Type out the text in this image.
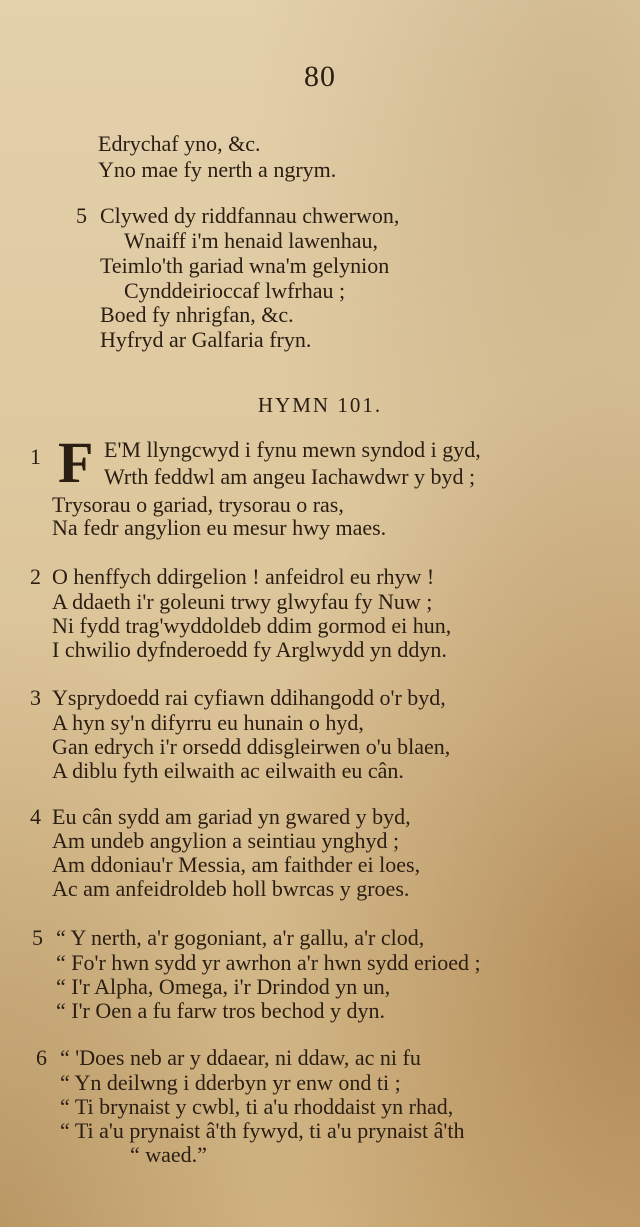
80
Edrychaf yno, &c.
Yno mae fy nerth a ngrym.
5 Clywed dy riddfannau chwerwon,
Wnaiff i'm henaid lawenhau,
Teimlo'th gariad wna'm gelynion
Cynddeirioccaf lwfrhau ;
Boed fy nhrigfan, &c.
Hyfryd ar Galfaria fryn.
HYMN 101.
1 F E'M llyngcwyd i fynu mewn syndod i gyd,
Wrth feddwl am angeu Iachawdwr y byd ;
Trysorau o gariad, trysorau o ras,
Na fedr angylion eu mesur hwy maes.
2 O henffych ddirgelion ! anfeidrol eu rhyw !
A ddaeth i'r goleuni trwy glwyfau fy Nuw ;
Ni fydd trag'wyddoldeb ddim gormod ei hun,
I chwilio dyfnderoedd fy Arglwydd yn ddyn.
3 Ysprydoedd rai cyfiawn ddihangodd o'r byd,
A hyn sy'n difyrru eu hunain o hyd,
Gan edrych i'r orsedd ddisgleirwen o'u blaen,
A diblu fyth eilwaith ac eilwaith eu cân.
4 Eu cân sydd am gariad yn gwared y byd,
Am undeb angylion a seintiau ynghyd ;
Am ddoniau'r Messia, am faithder ei loes,
Ac am anfeidroldeb holl bwrcas y groes.
5 “ Y nerth, a'r gogoniant, a'r gallu, a'r clod,
“ Fo'r hwn sydd yr awrhon a'r hwn sydd erioed ;
“ I'r Alpha, Omega, i'r Drindod yn un,
“ I'r Oen a fu farw tros bechod y dyn.
6 “ 'Does neb ar y ddaear, ni ddaw, ac ni fu
“ Yn deilwng i dderbyn yr enw ond ti ;
“ Ti brynaist y cwbl, ti a'u rhoddaist yn rhad,
“ Ti a'u prynaist â'th fywyd, ti a'u prynaist â'th
“ waed.”
